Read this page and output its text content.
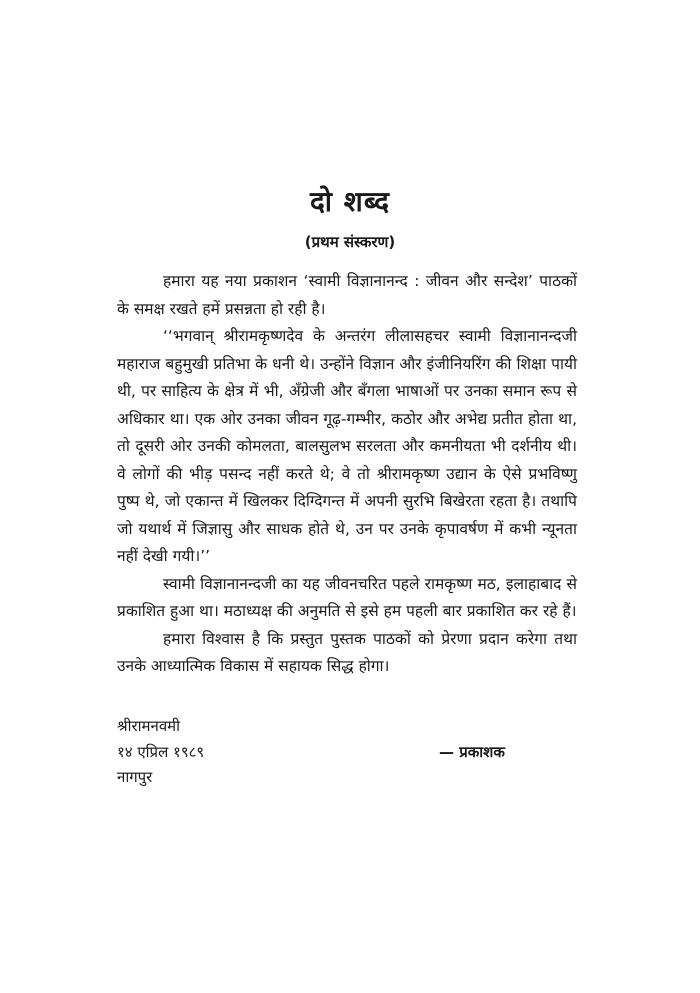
दो शब्द
(प्रथम संस्करण)

हमारा यह नया प्रकाशन ‘स्वामी विज्ञानानन्द : जीवन और सन्देश’ पाठकों के समक्ष रखते हमें प्रसन्नता हो रही है।

‘‘भगवान् श्रीरामकृष्णदेव के अन्तरंग लीलासहचर स्वामी विज्ञानानन्दजी महाराज बहुमुखी प्रतिभा के धनी थे। उन्होंने विज्ञान और इंजीनियरिंग की शिक्षा पायी थी, पर साहित्य के क्षेत्र में भी, अँग्रेजी और बँगला भाषाओं पर उनका समान रूप से अधिकार था। एक ओर उनका जीवन गूढ़-गम्भीर, कठोर और अभेद्य प्रतीत होता था, तो दूसरी ओर उनकी कोमलता, बालसुलभ सरलता और कमनीयता भी दर्शनीय थी। वे लोगों की भीड़ पसन्द नहीं करते थे; वे तो श्रीरामकृष्ण उद्यान के ऐसे प्रभविष्णु पुष्प थे, जो एकान्त में खिलकर दिग्दिगन्त में अपनी सुरभि बिखेरता रहता है। तथापि जो यथार्थ में जिज्ञासु और साधक होते थे, उन पर उनके कृपावर्षण में कभी न्यूनता नहीं देखी गयी।’’

स्वामी विज्ञानानन्दजी का यह जीवनचरित पहले रामकृष्ण मठ, इलाहाबाद से प्रकाशित हुआ था। मठाध्यक्ष की अनुमति से इसे हम पहली बार प्रकाशित कर रहे हैं।

हमारा विश्वास है कि प्रस्तुत पुस्तक पाठकों को प्रेरणा प्रदान करेगा तथा उनके आध्यात्मिक विकास में सहायक सिद्ध होगा।

श्रीरामनवमी
१४ एप्रिल १९८९
नागपुर
— प्रकाशक
